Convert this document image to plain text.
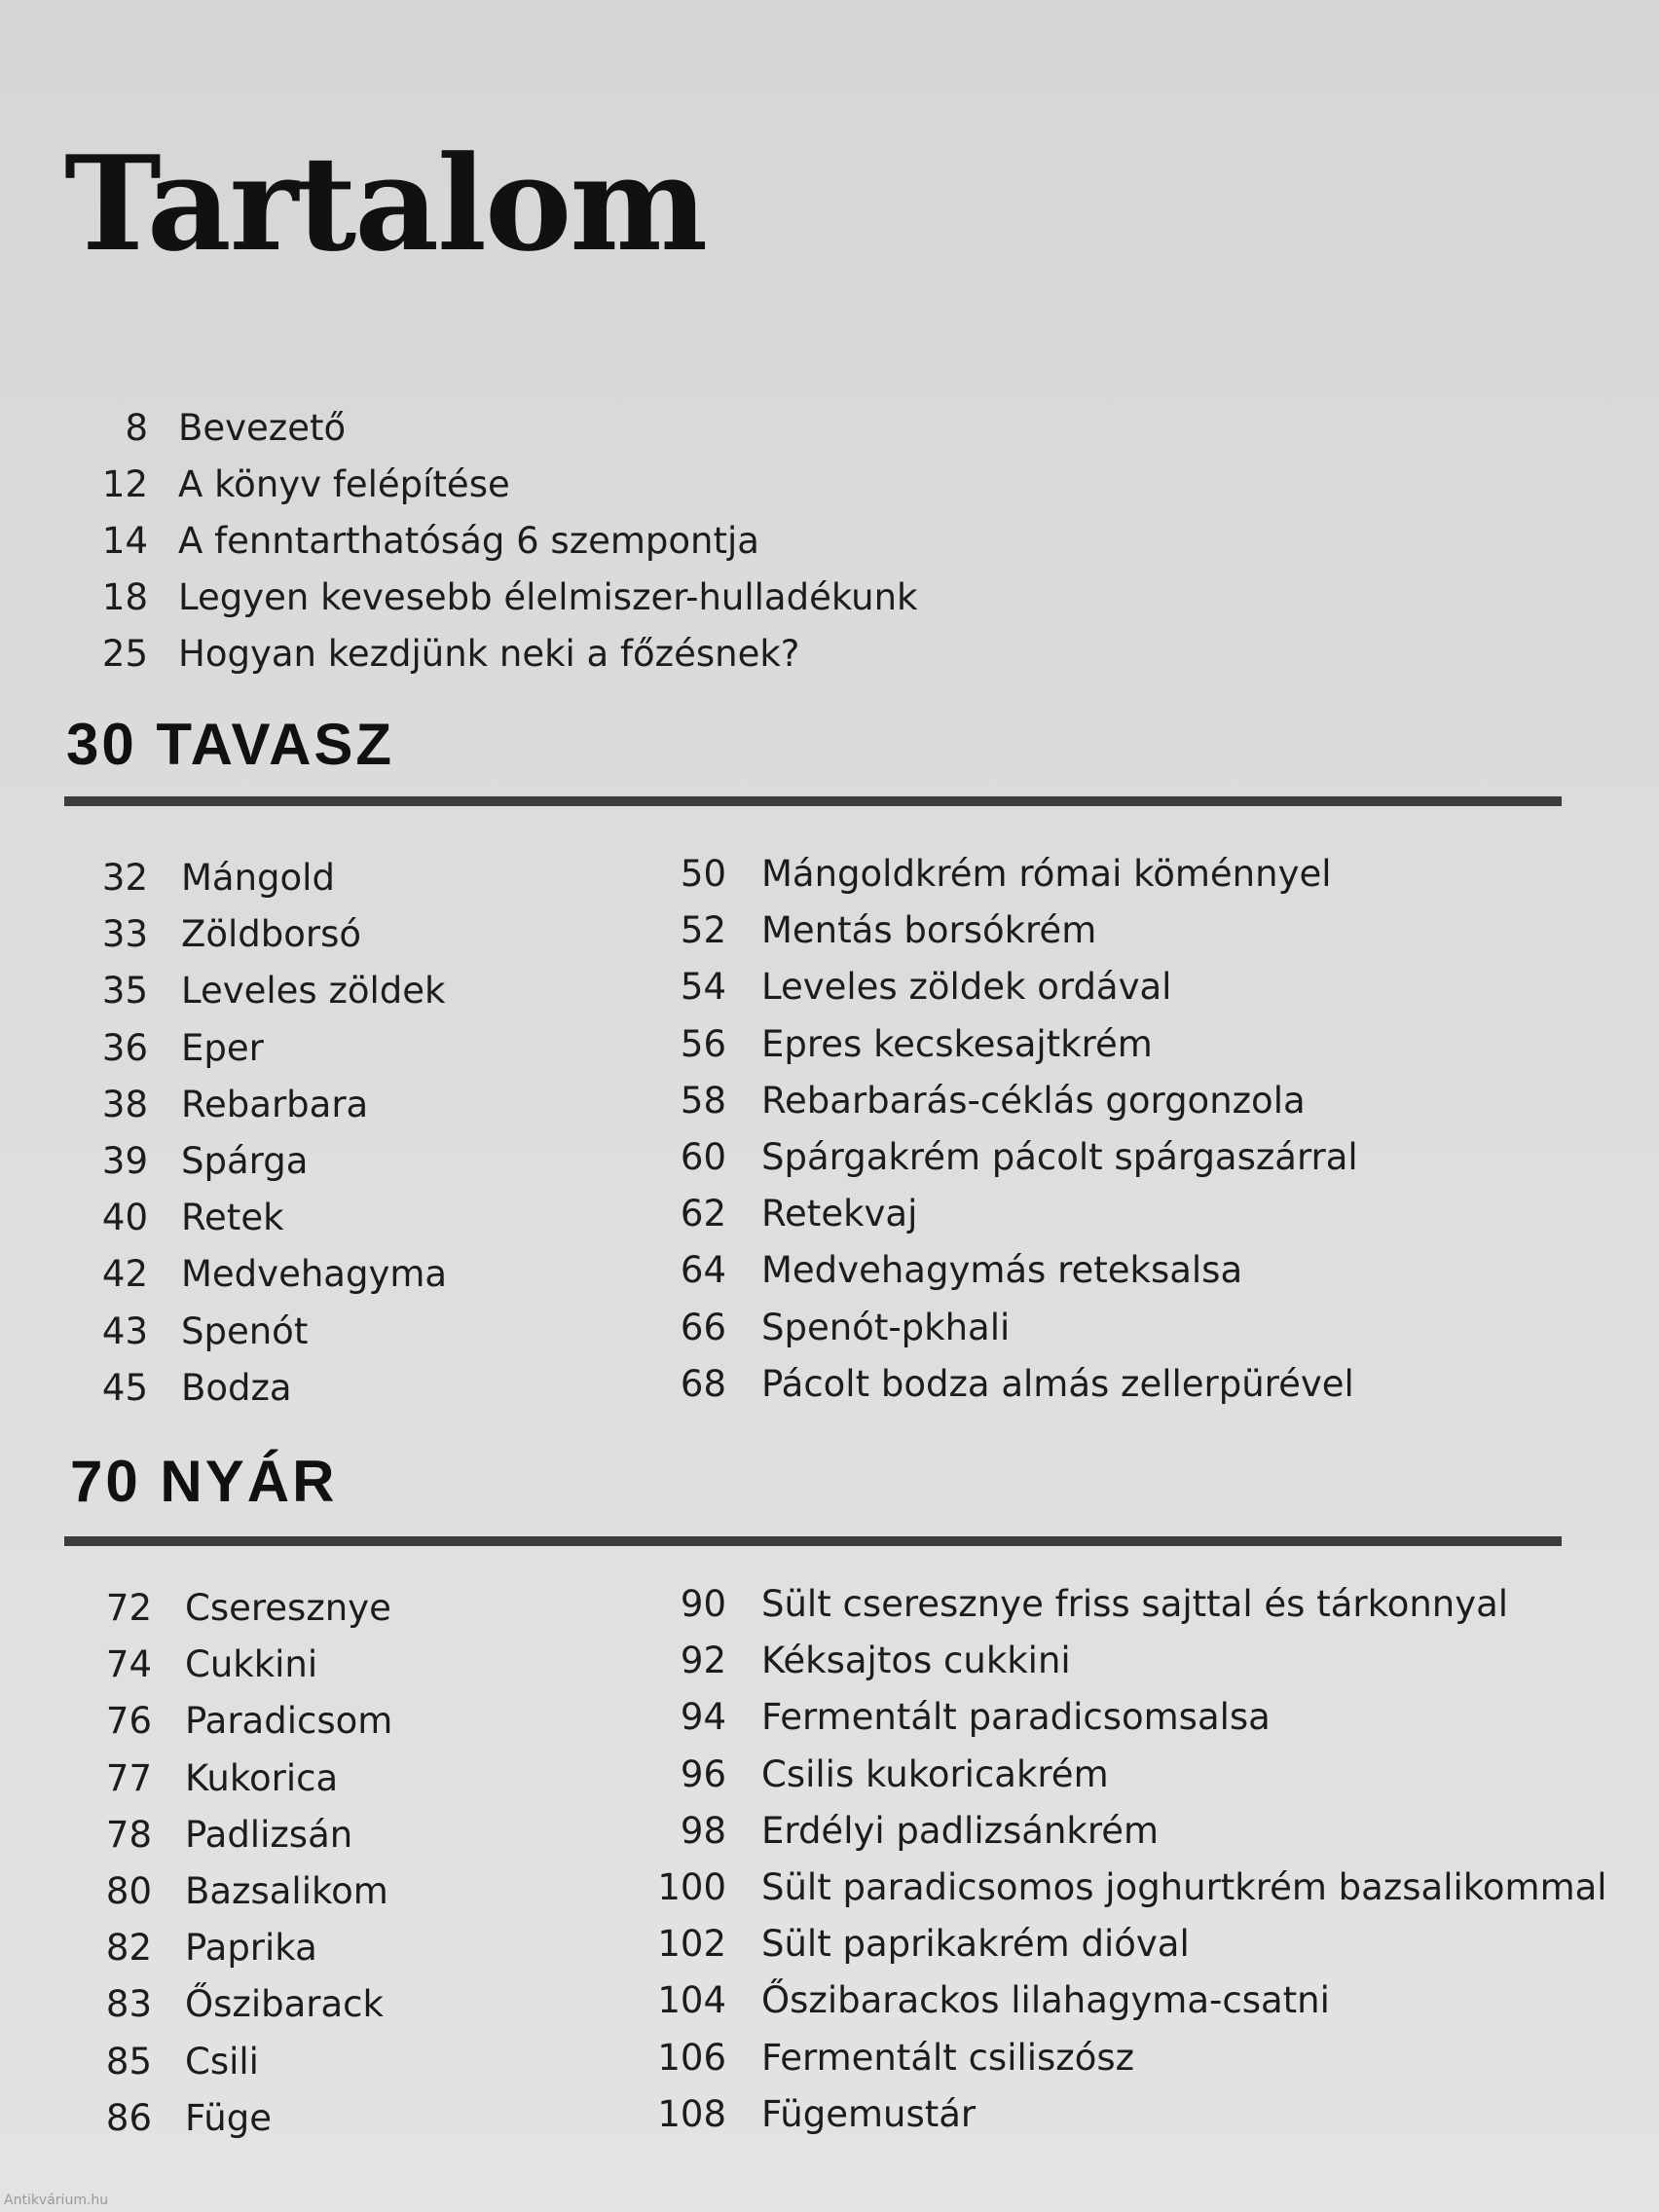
Tartalom
8 Bevezető
12 A könyv felépítése
14 A fenntarthatóság 6 szempontja
18 Legyen kevesebb élelmiszer-hulladékunk
25 Hogyan kezdjünk neki a főzésnek?
30 TAVASZ
32 Mángold
33 Zöldborsó
35 Leveles zöldek
36 Eper
38 Rebarbara
39 Spárga
40 Retek
42 Medvehagyma
43 Spenót
45 Bodza
50 Mángoldkrém római köménnyel
52 Mentás borsókrém
54 Leveles zöldek ordával
56 Epres kecskesajtkrém
58 Rebarbarás-céklás gorgonzola
60 Spárgakrém pácolt spárgaszárral
62 Retekvaj
64 Medvehagymás reteksalsa
66 Spenót-pkhali
68 Pácolt bodza almás zellerpürével
70 NYÁR
72 Cseresznye
74 Cukkini
76 Paradicsom
77 Kukorica
78 Padlizsán
80 Bazsalikom
82 Paprika
83 Őszibarack
85 Csili
86 Füge
90 Sült cseresznye friss sajttal és tárkonnyal
92 Kéksajtos cukkini
94 Fermentált paradicsomsalsa
96 Csilis kukoricakrém
98 Erdélyi padlizsánkrém
100 Sült paradicsomos joghurtkrém bazsalikommal
102 Sült paprikakrém dióval
104 Őszibarackos lilahagyma-csatni
106 Fermentált csiliszósz
108 Fügemustár
Antikvárium.hu
